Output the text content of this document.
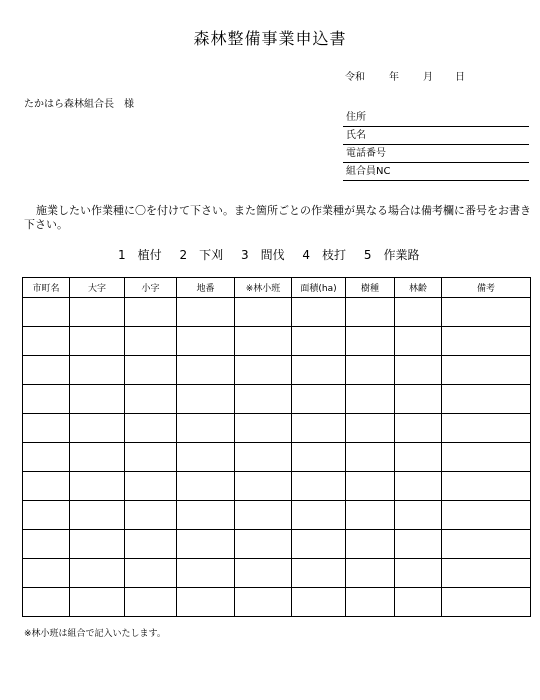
森林整備事業申込書
令和 年 月 日
たかはら森林組合長　様
住所
氏名
電話番号
組合員NC
施業したい作業種に〇を付けて下さい。また箇所ごとの作業種が異なる場合は備考欄に番号をお書き下さい。
1　植付 2　下刈 3　間伐 4　枝打 5　作業路
市町名	大字	小字	地番	※林小班	面積(ha)	樹種	林齢	備考

※林小班は組合で記入いたします。
